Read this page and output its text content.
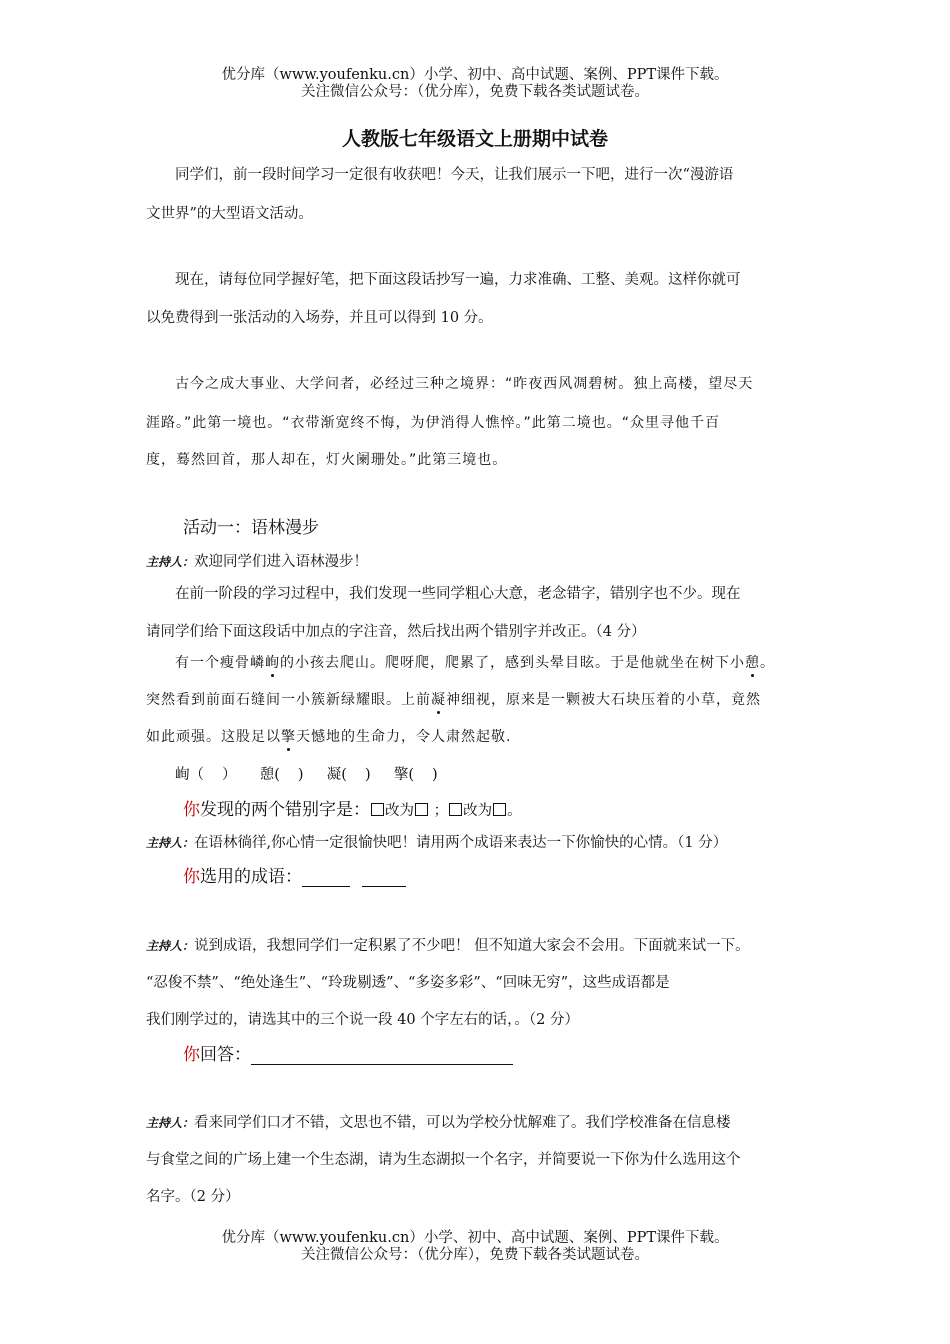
优分库（www.youfenku.cn）小学、初中、高中试题、案例、PPT课件下载。
关注微信公众号：（优分库），免费下载各类试题试卷。
人教版七年级语文上册期中试卷
同学们，前一段时间学习一定很有收获吧！今天，让我们展示一下吧，进行一次“漫游语
文世界”的大型语文活动。
现在，请每位同学握好笔，把下面这段话抄写一遍，力求准确、工整、美观。这样你就可
以免费得到一张活动的入场券，并且可以得到 10 分。
古今之成大事业、大学问者，必经过三种之境界：“昨夜西风凋碧树。独上高楼，望尽天
涯路。”此第一境也。“衣带渐宽终不悔，为伊消得人憔悴。”此第二境也。“众里寻他千百
度，蓦然回首，那人却在，灯火阑珊处。”此第三境也。
活动一：语林漫步
主持人：欢迎同学们进入语林漫步！
在前一阶段的学习过程中，我们发现一些同学粗心大意，老念错字，错别字也不少。现在
请同学们给下面这段话中加点的字注音，然后找出两个错别字并改正。（4 分）
有一个瘦骨嶙峋的小孩去爬山。爬呀爬，爬累了，感到头晕目眩。于是他就坐在树下小憩。
突然看到前面石缝间一小簇新绿耀眼。上前凝神细视，原来是一颗被大石块压着的小草，竟然
如此顽强。这股足以擎天憾地的生命力，令人肃然起敬.
峋（ ） 憩( ) 凝( ) 擎( )
你发现的两个错别字是： 改为 ； 改为 。
主持人：在语林徜徉,你心情一定很愉快吧！请用两个成语来表达一下你愉快的心情。（1 分）
你选用的成语：
主持人：说到成语，我想同学们一定积累了不少吧！ 但不知道大家会不会用。下面就来试一下。
“忍俊不禁”、“绝处逢生”、“玲珑剔透”、“多姿多彩”、“回味无穷”，这些成语都是
我们刚学过的，请选其中的三个说一段 40 个字左右的话，。（2 分）
你回答：
主持人：看来同学们口才不错，文思也不错，可以为学校分忧解难了。我们学校准备在信息楼
与食堂之间的广场上建一个生态湖，请为生态湖拟一个名字，并简要说一下你为什么选用这个
名字。（2 分）
优分库（www.youfenku.cn）小学、初中、高中试题、案例、PPT课件下载。
关注微信公众号：（优分库），免费下载各类试题试卷。
